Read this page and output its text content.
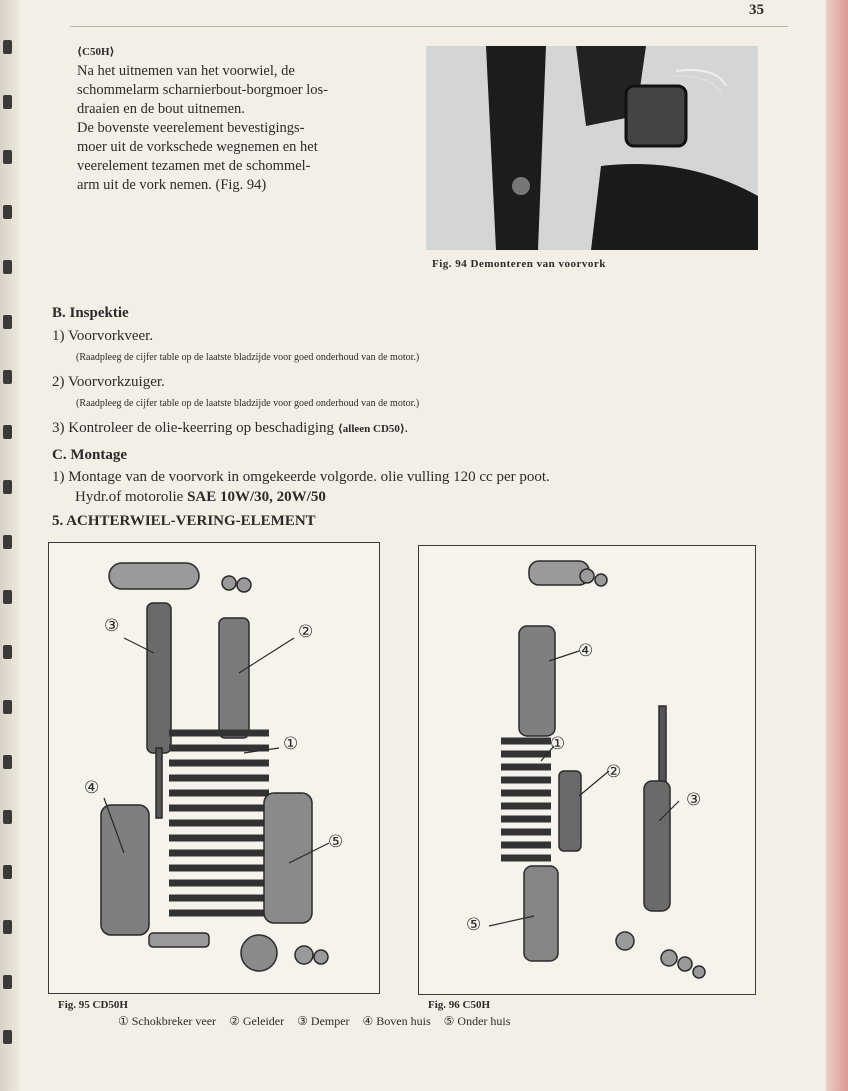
35
⟨C50H⟩
Na het uitnemen van het voorwiel, de
schommelarm scharnierbout-borgmoer los-
draaien en de bout uitnemen.
De bovenste veerelement bevestigings-
moer uit de vorkschede wegnemen en het
veerelement tezamen met de schommel-
arm uit de vork nemen. (Fig. 94)
Fig. 94 Demonteren van voorvork
B. Inspektie
1) Voorvorkveer.
(Raadpleeg de cijfer table op de laatste bladzijde voor goed onderhoud van de motor.)
2) Voorvorkzuiger.
(Raadpleeg de cijfer table op de laatste bladzijde voor goed onderhoud van de motor.)
3) Kontroleer de olie-keerring op beschadiging ⟨alleen CD50⟩.
C. Montage
1) Montage van de voorvork in omgekeerde volgorde. olie vulling 120 cc per poot.
Hydr.of motorolie SAE 10W/30, 20W/50
5. ACHTERWIEL-VERING-ELEMENT
Fig. 95 CD50H
③	②
①
④
⑤
Fig. 96 C50H
④
①
②
③
⑤
① Schokbreker veer ② Geleider ③ Demper ④ Boven huis ⑤ Onder huis
